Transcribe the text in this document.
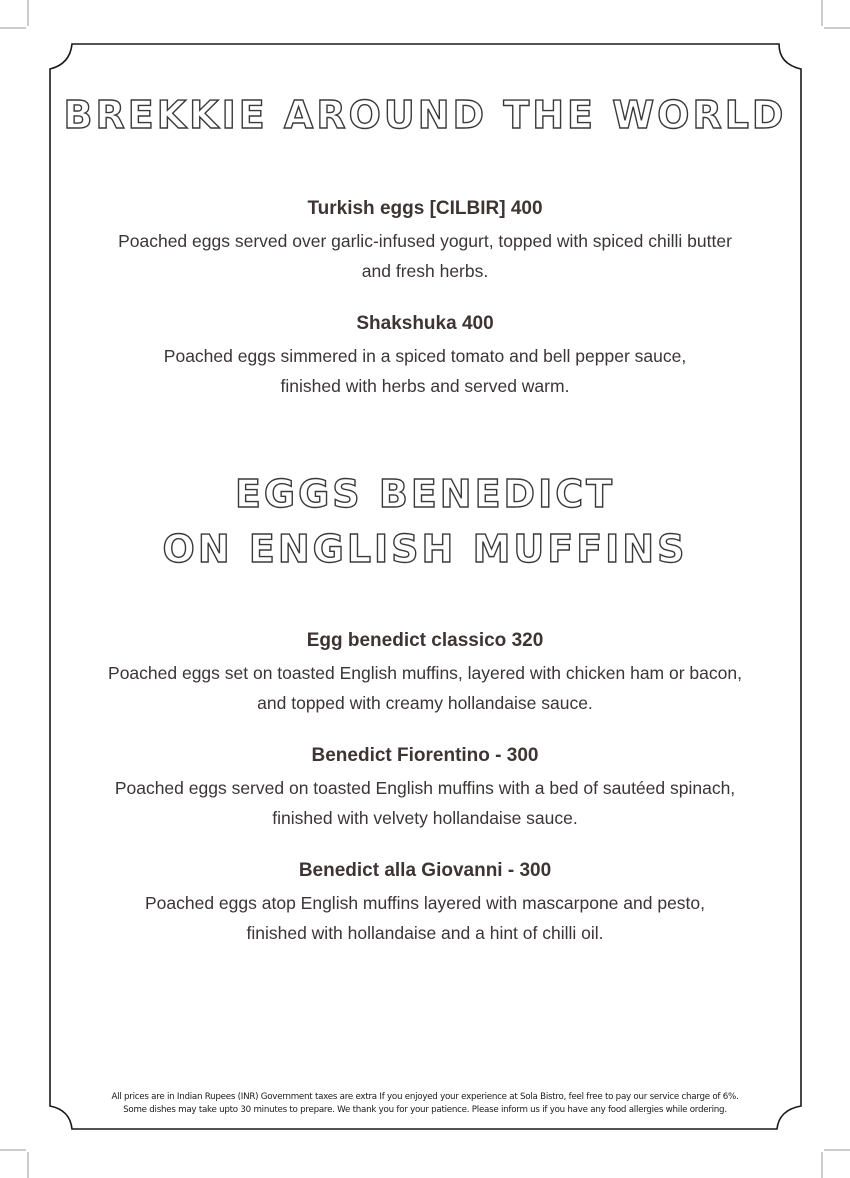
BREKKIE AROUND THE WORLD
Turkish eggs [CILBIR] 400
Poached eggs served over garlic-infused yogurt, topped with spiced chilli butter
and fresh herbs.
Shakshuka 400
Poached eggs simmered in a spiced tomato and bell pepper sauce,
finished with herbs and served warm.
EGGS BENEDICT
ON ENGLISH MUFFINS
Egg benedict classico 320
Poached eggs set on toasted English muffins, layered with chicken ham or bacon,
and topped with creamy hollandaise sauce.
Benedict Fiorentino - 300
Poached eggs served on toasted English muffins with a bed of sautéed spinach,
finished with velvety hollandaise sauce.
Benedict alla Giovanni - 300
Poached eggs atop English muffins layered with mascarpone and pesto,
finished with hollandaise and a hint of chilli oil.
All prices are in Indian Rupees (INR) Government taxes are extra If you enjoyed your experience at Sola Bistro, feel free to pay our service charge of 6%.
Some dishes may take upto 30 minutes to prepare. We thank you for your patience. Please inform us if you have any food allergies while ordering.
